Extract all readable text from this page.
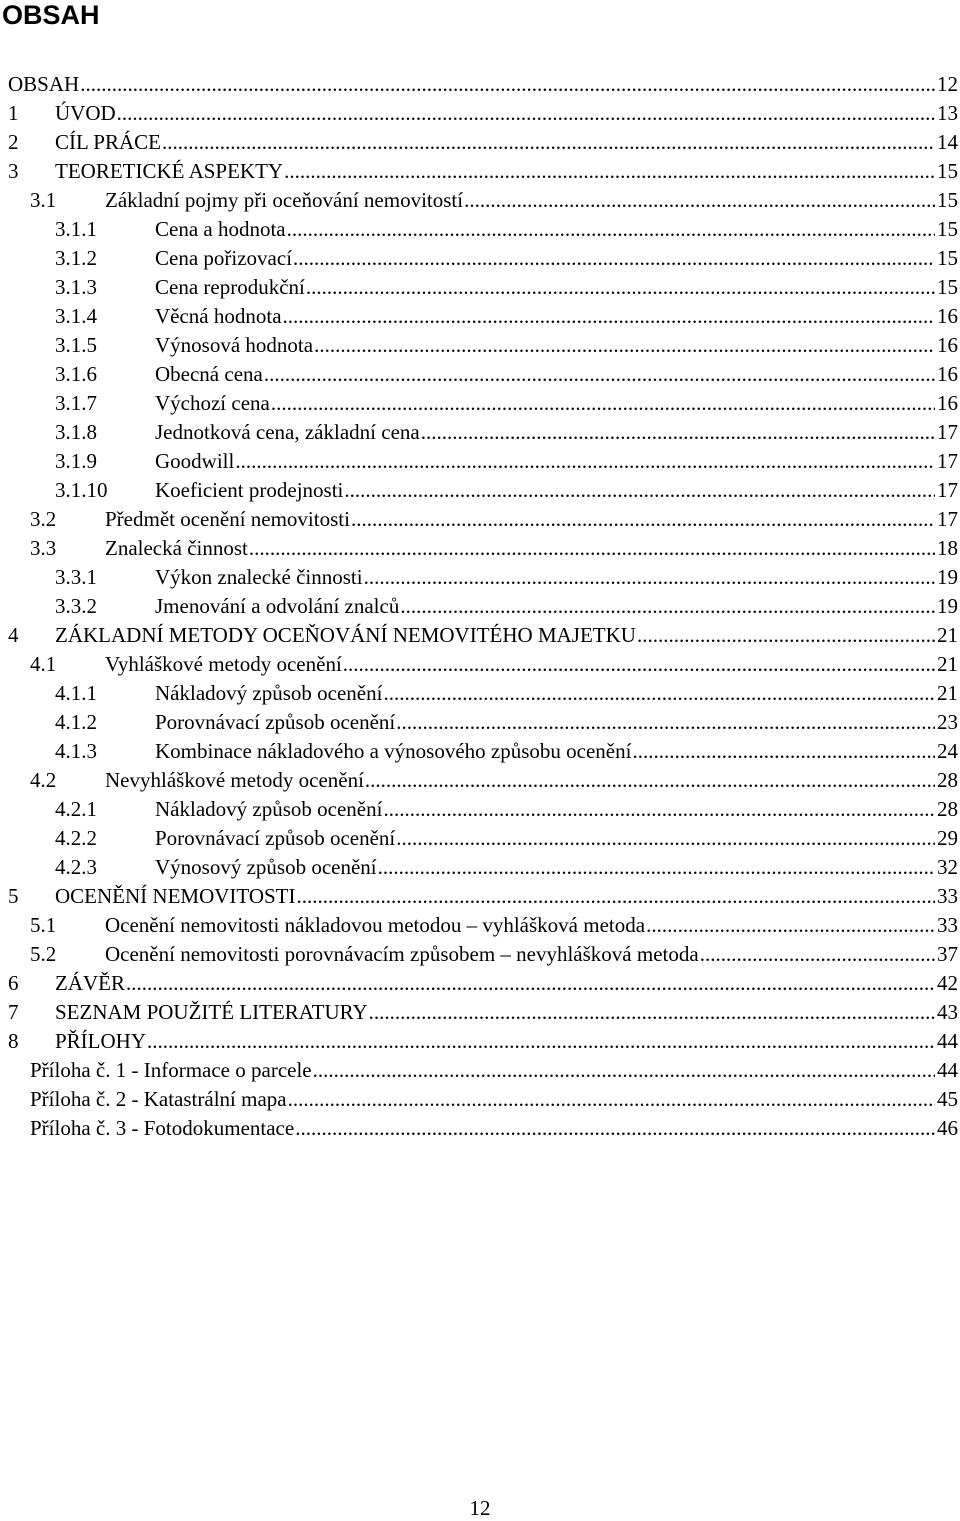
OBSAH
OBSAH .....	12
1 ÚVOD .....	13
2 CÍL PRÁCE .....	14
3 TEORETICKÉ ASPEKTY .....	15
3.1 Základní pojmy při oceňování nemovitostí .....	15
3.1.1	Cena a hodnota .....	15
3.1.2	Cena pořizovací .....	15
3.1.3	Cena reprodukční .....	15
3.1.4	Věcná hodnota .....	16
3.1.5	Výnosová hodnota .....	16
3.1.6	Obecná cena .....	16
3.1.7	Výchozí cena .....	16
3.1.8	Jednotková cena, základní cena .....	17
3.1.9	Goodwill .....	17
3.1.10 Koeficient prodejnosti .....	17
3.2 Předmět ocenění nemovitosti .....	17
3.3 Znalecká činnost .....	18
3.3.1	Výkon znalecké činnosti .....	19
3.3.2	Jmenování a odvolání znalců .....	19
4 ZÁKLADNÍ METODY OCEŇOVÁNÍ NEMOVITÉHO MAJETKU .....	21
4.1 Vyhláškové metody ocenění .....	21
4.1.1	Nákladový způsob ocenění .....	21
4.1.2	Porovnávací způsob ocenění .....	23
4.1.3	Kombinace nákladového a výnosového způsobu ocenění .....	24
4.2 Nevyhláškové metody ocenění .....	28
4.2.1	Nákladový způsob ocenění .....	28
4.2.2	Porovnávací způsob ocenění .....	29
4.2.3	Výnosový způsob ocenění .....	32
5 OCENĚNÍ NEMOVITOSTI .....	33
5.1 Ocenění nemovitosti nákladovou metodou – vyhlášková metoda .....	33
5.2 Ocenění nemovitosti porovnávacím způsobem – nevyhlášková metoda .....	37
6 ZÁVĚR .....	42
7 SEZNAM POUŽITÉ LITERATURY .....	43
8 PŘÍLOHY .....	44
Příloha č. 1 - Informace o parcele .....	44
Příloha č. 2 - Katastrální mapa .....	45
Příloha č. 3 - Fotodokumentace .....	46
12
